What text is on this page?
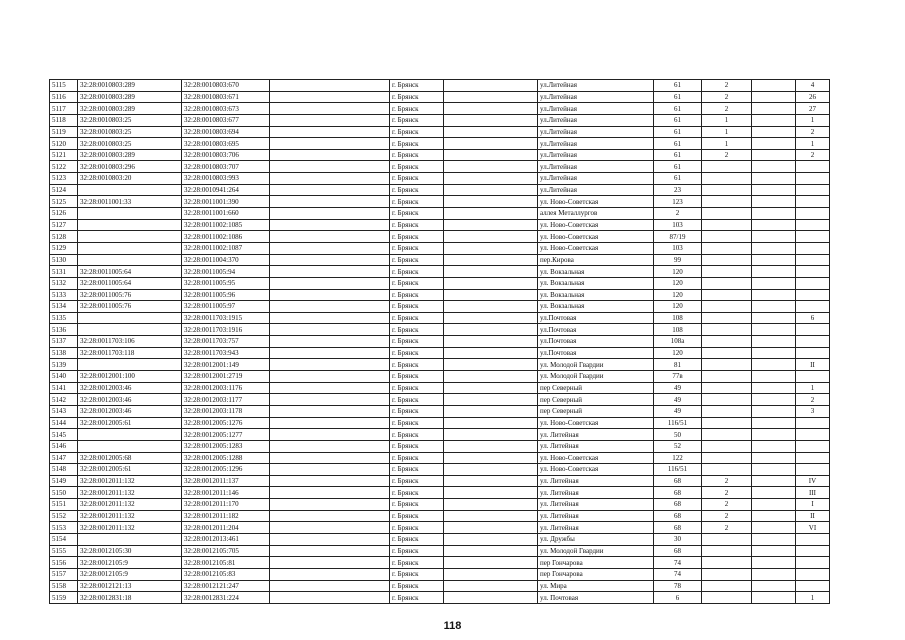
5115	32:28:0010803:289	32:28:0010803:670		г. Брянск		ул.Литейная	61	2		4
5116	32:28:0010803:289	32:28:0010803:671		г. Брянск		ул.Литейная	61	2		26
5117	32:28:0010803:289	32:28:0010803:673		г. Брянск		ул.Литейная	61	2		27
5118	32:28:0010803:25	32:28:0010803:677		г. Брянск		ул.Литейная	61	1		1
5119	32:28:0010803:25	32:28:0010803:694		г. Брянск		ул.Литейная	61	1		2
5120	32:28:0010803:25	32:28:0010803:695		г. Брянск		ул.Литейная	61	1		1
5121	32:28:0010803:289	32:28:0010803:706		г. Брянск		ул.Литейная	61	2		2
5122	32:28:0010803:296	32:28:0010803:707		г. Брянск		ул.Литейная	61			
5123	32:28:0010803:20	32:28:0010803:993		г. Брянск		ул.Литейная	61			
5124		32:28:0010941:264		г. Брянск		ул.Литейная	23			
5125	32:28:0011001:33	32:28:0011001:390		г. Брянск		ул. Ново-Советская	123			
5126		32:28:0011001:660		г. Брянск		аллея Металлургов	2			
5127		32:28:0011002:1085		г. Брянск		ул. Ново-Советская	103			
5128		32:28:0011002:1086		г. Брянск		ул. Ново-Советская	87/19			
5129		32:28:0011002:1087		г. Брянск		ул. Ново-Советская	103			
5130		32:28:0011004:370		г. Брянск		пер.Кирова	99			
5131	32:28:0011005:64	32:28:0011005:94		г. Брянск		ул. Вокзальная	120			
5132	32:28:0011005:64	32:28:0011005:95		г. Брянск		ул. Вокзальная	120			
5133	32:28:0011005:76	32:28:0011005:96		г. Брянск		ул. Вокзальная	120			
5134	32:28:0011005:76	32:28:0011005:97		г. Брянск		ул. Вокзальная	120			
5135		32:28:0011703:1915		г. Брянск		ул.Почтовая	108			6
5136		32:28:0011703:1916		г. Брянск		ул.Почтовая	108			
5137	32:28:0011703:106	32:28:0011703:757		г. Брянск		ул.Почтовая	108а			
5138	32:28:0011703:118	32:28:0011703:943		г. Брянск		ул.Почтовая	120			
5139		32:28:0012001:149		г. Брянск		ул. Молодой Гвардии	81			II
5140	32:28:0012001:100	32:28:0012001:2719		г. Брянск		ул. Молодой Гвардии	77в			
5141	32:28:0012003:46	32:28:0012003:1176		г. Брянск		пер Северный	49			1
5142	32:28:0012003:46	32:28:0012003:1177		г. Брянск		пер Северный	49			2
5143	32:28:0012003:46	32:28:0012003:1178		г. Брянск		пер Северный	49			3
5144	32:28:0012005:61	32:28:0012005:1276		г. Брянск		ул. Ново-Советская	116/51			
5145		32:28:0012005:1277		г. Брянск		ул. Литейная	50			
5146		32:28:0012005:1283		г. Брянск		ул. Литейная	52			
5147	32:28:0012005:68	32:28:0012005:1288		г. Брянск		ул. Ново-Советская	122			
5148	32:28:0012005:61	32:28:0012005:1296		г. Брянск		ул. Ново-Советская	116/51			
5149	32:28:0012011:132	32:28:0012011:137		г. Брянск		ул. Литейная	68	2		IV
5150	32:28:0012011:132	32:28:0012011:146		г. Брянск		ул. Литейная	68	2		III
5151	32:28:0012011:132	32:28:0012011:170		г. Брянск		ул. Литейная	68	2		I
5152	32:28:0012011:132	32:28:0012011:182		г. Брянск		ул. Литейная	68	2		II
5153	32:28:0012011:132	32:28:0012011:204		г. Брянск		ул. Литейная	68	2		VI
5154		32:28:0012013:461		г. Брянск		ул. Дружбы	30			
5155	32:28:0012105:30	32:28:0012105:705		г. Брянск		ул. Молодой Гвардии	68			
5156	32:28:0012105:9	32:28:0012105:81		г. Брянск		пер Гончарова	74			
5157	32:28:0012105:9	32:28:0012105:83		г. Брянск		пер Гончарова	74			
5158	32:28:0012121:13	32:28:0012121:247		г. Брянск		ул. Мира	78			
5159	32:28:0012831:18	32:28:0012831:224		г. Брянск		ул. Почтовая	6			1
118
